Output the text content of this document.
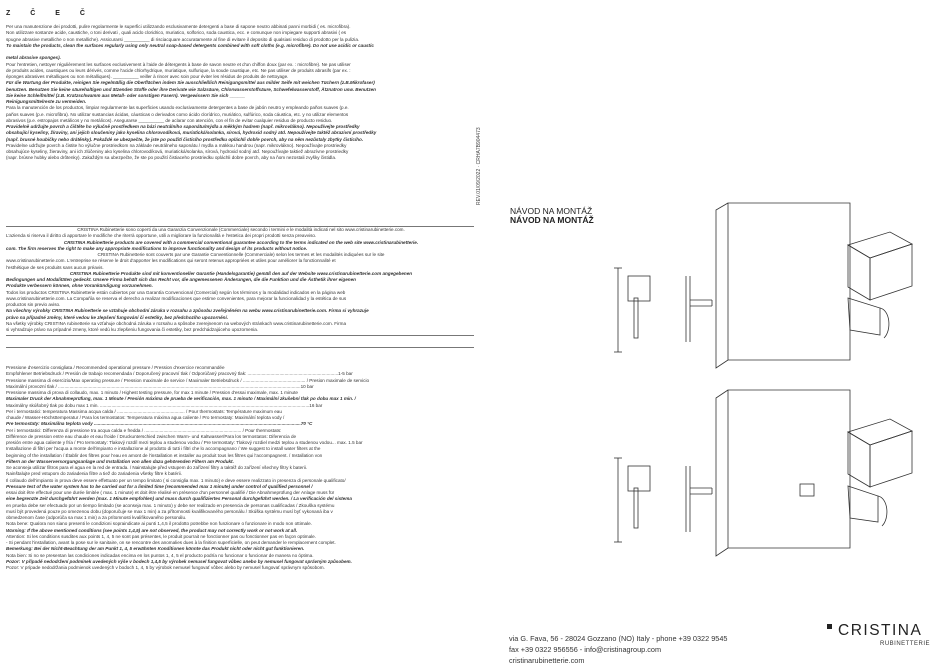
Z Č E Č
REV.01/09/2022 · CRHA7B904473

Per una manutenzione dei prodotti, pulire regolarmente le superfici utilizzando esclusivamente detergenti a base di sapone neutro abbinati panni morbidi ( es. microfibra).

Non utilizzare sostanze acide, caustiche, o toni derivati , quali acido cloridrico, muriatico, solforico, soda caustica, ecc. e comunque non impiegare supporti abrasivi ( es

spugne abrasive metalliche o non metalliche). Assicurarsi __________ di risciacquare accuratamente al fine di evitare il deposito di qualsiasi residuo di prodotto per la pulizia.

To maintain the products, clean the surfaces regularly using only neutral soap-based detergents combined with soft cloths (e.g. microfibre). Do not use acidic or caustic

metal abrasive sponges).

Pour l'entretien, nettoyer régulièrement les surfaces exclusivement à l'aide de détergents à base de savon neutre et d'un chiffon doux (par ex. : microfibre). Ne pas utiliser

de produits acides, caustiques ou leurs dérivés, comme l'acide chlorhydrique, muriatique, sulfurique, la soude caustique, etc. Ne pas utiliser de produits abrasifs (par ex. :

éponges abrasives métalliques ou non métalliques). __________ veiller à rincer avec soin pour éviter les résidus de produits de nettoyage.

Für die Wartung der Produkte, reinigen Sie regelmäßig die Oberflächen indem Sie ausschließlich Reinigungsmittel aus milder Seife mit weichen Tüchern (z.B.Mikrofaser)

benutzen. Benutzen Sie keine säurehaltigen und ätzenden Stoffe oder ihre Derivate wie Salzsäure, Chlorwasserstoffsäure, Schwefelwasserstoff, Ätznatron usw. Benutzen

Sie keine Schleifmittel (z.B. Kratzschwamm aus Metall- oder sonstigen Fasern). Vergewissern Sie sich ______

Reinigungsmittelreste zu vermeiden.

Para la manutención de los productos, limpiar regularmente las superficies usando exclusivamente detergentes a base de jabón neutro y empleando paños suaves (p.e.

paños suaves (p.e. microfibra). No utilizar sustancias ácidas, cáusticas o derivados como ácido clorídrico, muriático, sulfúrico, soda cáustica, etc. y no utilizar elementos

abrasivos (p.e. estropajos metálicos y no metálicos). Asegurarse __________ de aclarar con atención, con el fin de evitar cualquier residuo de producto residuo.

Pravidelně udržujte povrch a čištěte ho výlučně prostředkem na bázi neutrálního saponátu/mýdla a měkkým hadrem (např. mikrovlákno). Nepoužívejte prostředky

obsahující kyseliny, žíraviny, ani jejich sloučeniny jako kyselina chlorovodíková, muriatická/solanka, sírová, hydroxid sodný atd. Nepoužívejte taktéž abrazivní prostředky

(např. brusné houbičky nebo drátěnky). Pokaždé se ubezpečte, že jste po použití čisticího prostředku opláchli dobře povrch, aby na něm nezůstaly zbytky čisticího.

Pravidelne udržujte povrch a čistite ho výlučne prostriedkom na základe neutrálneho saponátu / mydla a mäkkou handrou (napr. mikrovlákno). Nepoužívajte prostriedky

obsahujúce kyseliny, žieraviny, ani ich zlúčeniny ako kyselina chlorovodíková, muriatická/solanka, sírová, hydroxid sodný atď. Nepoužívajte taktiež abrazívne prostriedky

(napr. brúsne hubky alebo drôtenky). Zakaždým sa ubezpečte, že ste po použití čistiaceho prostriedku opláchli dobre povrch, aby na ňom nezostali zvyšky čistidla.

CRISTINA Rubinetterie sono coperti da una Garanzia Convenzionale (Commerciale) secondo i termini e le modalità indicati nel sito www.cristinarubinetterie.com.

L'azienda si riserva il diritto di apportare le modifiche che riterrà opportune, utili a migliorare la funzionalità e l'estetica dei propri prodotti senza preavviso.

CRISTINA Rubinetterie products are covered with a commercial conventional guarantee according to the terms indicated on the web site www.cristinarubinetterie.

com. The firm reserves the right to make any appropriate modifications to improve functionality and design of its products without notice.

CRISTINA Rubinetterie sont couverts par une Garantie Conventionnelle (Commerciale) selon les termes et les modalités indiquées sur le site

www.cristinarubinetterie.com. L'entreprise se réserve le droit d'apporter les modifications qui seront retenus appropriées et utiles pour améliorer la fonctionnalité et

l'esthétique de ses produits sans aucun préavis.

CRISTINA Rubinetterie Produkte sind mit konventioneller Garantie (Handelsgarantie) gemäß den auf der Website www.cristinarubinetterie.com angegebenen

Bedingungen und Modalitäten gedeckt. Unsere Firma behält sich das Recht vor, die angemessenen Änderungen, die die Funktion und die Ästhetik ihrer eigenen

Produkte verbessern können, ohne Vorankündigung vorzunehmen.

Todos los productos CRISTINA Rubinetterie están cubiertos por una Garantía Convencional (Comercial) según los términos y la modalidad indicados en la página web

www.cristinarubinetterie.com. La Compañía se reserva el derecho a realizar modificaciones que estime convenientes, para mejorar la funcionalidad y la estética de sus

productos sin previo aviso.

Na všechny výrobky CRISTINA Rubinetterie se vztahuje obchodní záruka v rozsahu a způsobu zveřejněném na webu www.cristinarubinetterie.com. Firma si vyhrazuje

právo na případné změny, které vedou ke zlepšení fungování či estetiky, bez předchozího upozornění.

Na všetky výrobky CRISTINA rubinetterie sa vzťahuje obchodná záruka v rozsahu a spôsobe zverejnenom na webových stránkach www.cristinarubinetterie.com. Firma

si vyhradzuje právo na prípadné zmeny, ktoré vedú ku zlepšeniu fungovania či estetiky, bez predchádzajúceho upozornenia.

Pressione d'esercizio consigliata / Recommended operational pressure / Pression d'exercice recommandée

Empfohlener Betriebsdruck / Presión de trabajo recomendada / Doporučený pracovní tlak / Odporúčaný pracovný tlak: .......................................................................1-5 bar

Pressione massima di esercizio/Max operating pressure / Pression maximale de service / Maximaler Betriebsdruck / ................................................. / Presion maximale de servicio

Maximální provozní tlak / ..............................................................................................................................................................................................10 bar

Pressione massima di prova di collaudo, max. 1 minuto / Highest testing pressure, for max 1 minute / Pression d'essai maximale, max. 1 minute

Maximaler Druck der Abnahmeprüfung, max. 1 Minute / Presión máxima de prueba de verificación, max. 1 minuto / Maximální zkušební tlak po dobu max 1 min. /

Maximálny skúšobný tlak po dobu max 1 min. ....................................................................................................................................................................16 bar

Per i termostatici: temperatura Massima acqua calda / ..................................................... / Pour thermostats: Température maximum eau

chaude / Wasser-Höchsttemperatur / Para los termostatos: Temperatura máxima agua caliente / Pro termostaty: Maximální teplota vody /

Pre termostaty: Maximálna teplota vody ..................................................................................................................................................................70 °C

Per i termostatici: Differenza di pressione tra acqua calda e fredda / ............................................................................ / Pour thermostats:

Différence de pression entre eau chaude et eau froide / Druckunterschied zwischen Warm- und Kaltwasser/Para los termostatos: Diferencia de

presión entre agua caliente y fría / Pro termostaty: Tlakový rozdíl mezi teplou a studenou vodou / Pre termostaty: Tlakový rozdiel medzi teplou a studenou vodou... max. 1.5 bar

Installazione di filtri per l'acqua a monte dell'impianto e installazione al prodotto di tutti i filtri che lo accompagnano / We suggest to install water filters at the

beginning of the installation / Établir des filtres pour l'eau en amont de l'installation et installer au produit tous les filtres qui l'accompagnent. / Installation von

Filtern an der Wasserversorgungsanlage und Installation von allen dazu gehörenden Filtern am Produkt.

Se aconseja utilizar filtros para el agua en la red de entrada. / Nainstalujte před vstupem do zařízení filtry a taktéž do zařízení všechny filtry k baterii.

Nainštalujte pred vstupom do zariadenia filtre a tiež do zariadenia všetky filtre k batérii.

Il collaudo dell'impianto in prova deve essere effettuato per un tempo limitato ( si consiglia max. 1 minuto) e deve essere realizzato in presenza di personale qualificato/

Pressure test of the water system has to be carried out for a limited time (recommended max 1 minute) under control of qualified personnel /

essai doit être effectué pour une durée limitée ( max. 1 minute) et doit être réalisé en présence d'un personnel qualifié / Die Abnahmeprüfung der Anlage muss für

eine begrenzte Zeit durchgeführt werden (max. 1 Minute empfohlen) und muss durch qualifiziertes Personal durchgeführt werden. / La verificación del sistema

en prueba debe ser efectuado por un tiempo limitado (se aconseja max. 1 minuto) y debe ser realizado en presencia de personas cualificadas / Zkouška systému

musí být provedená pouze po omezenou dobu (doporučuje se max 1 min) a za přítomnosti kvalifikovaného personálu / Skúška systému musí byť vykonaná iba v

obmedzenom čase (odporúča sa max 1 min) a za prítomnosti kvalifikovaného personálu.

Nota bene: Qualora non siano presenti le condizioni sopraindicate ai punti 1,4,5 il prodotto potrebbe non funzionare o funzionare in modo non ottimale.

Warning: If the above mentioned conditions (see points 1,4,5) are not observed, the product may not correctly work or not work at all.

Attention: Si les conditions susdites aux points 1, 4, 5 ne sont pas présentes, le produit pourrait ne fonctionner pas ou fonctionner pas en façon optimale.

- Si pendant l'installation, avant la pose sur le sanitaire, on se rencontre des anomalies dues à la finition superficielle, on peut demander le remplacement complet.

Bemerkung: Bei der Nicht-Beachtung der am Punkt 1, 4, 5 erwähnten Konditionen könnte das Produkt nicht oder nicht gut funktionieren.

Nota bien: Si no se presentan las condiciones indicadas encima en los puntos 1, 4, 5 el producto podría no funcionar o funcionar de manera no óptima.

Pozor: V případě nedodržení podmínek uvedených výše v bodech 1,4,5 by výrobek nemusel fungovat vůbec anebo by nemusel fungovat správným způsobem.

Pozor: V prípade nedodržania podmienok uvedených v bodoch 1, 4, 5 by výrobok nemusel fungovať vôbec alebo by nemusel fungovať správnym spôsobom.

NÁVOD NA MONTÁŽ
NÁVOD NA MONTÁŽ
via G. Fava, 56 - 28024 Gozzano (NO) Italy - phone +39 0322 9545
fax +39 0322 956556 - info@cristinagroup.com
cristinarubinetterie.com
CRISTINA
RUBINETTERIE
